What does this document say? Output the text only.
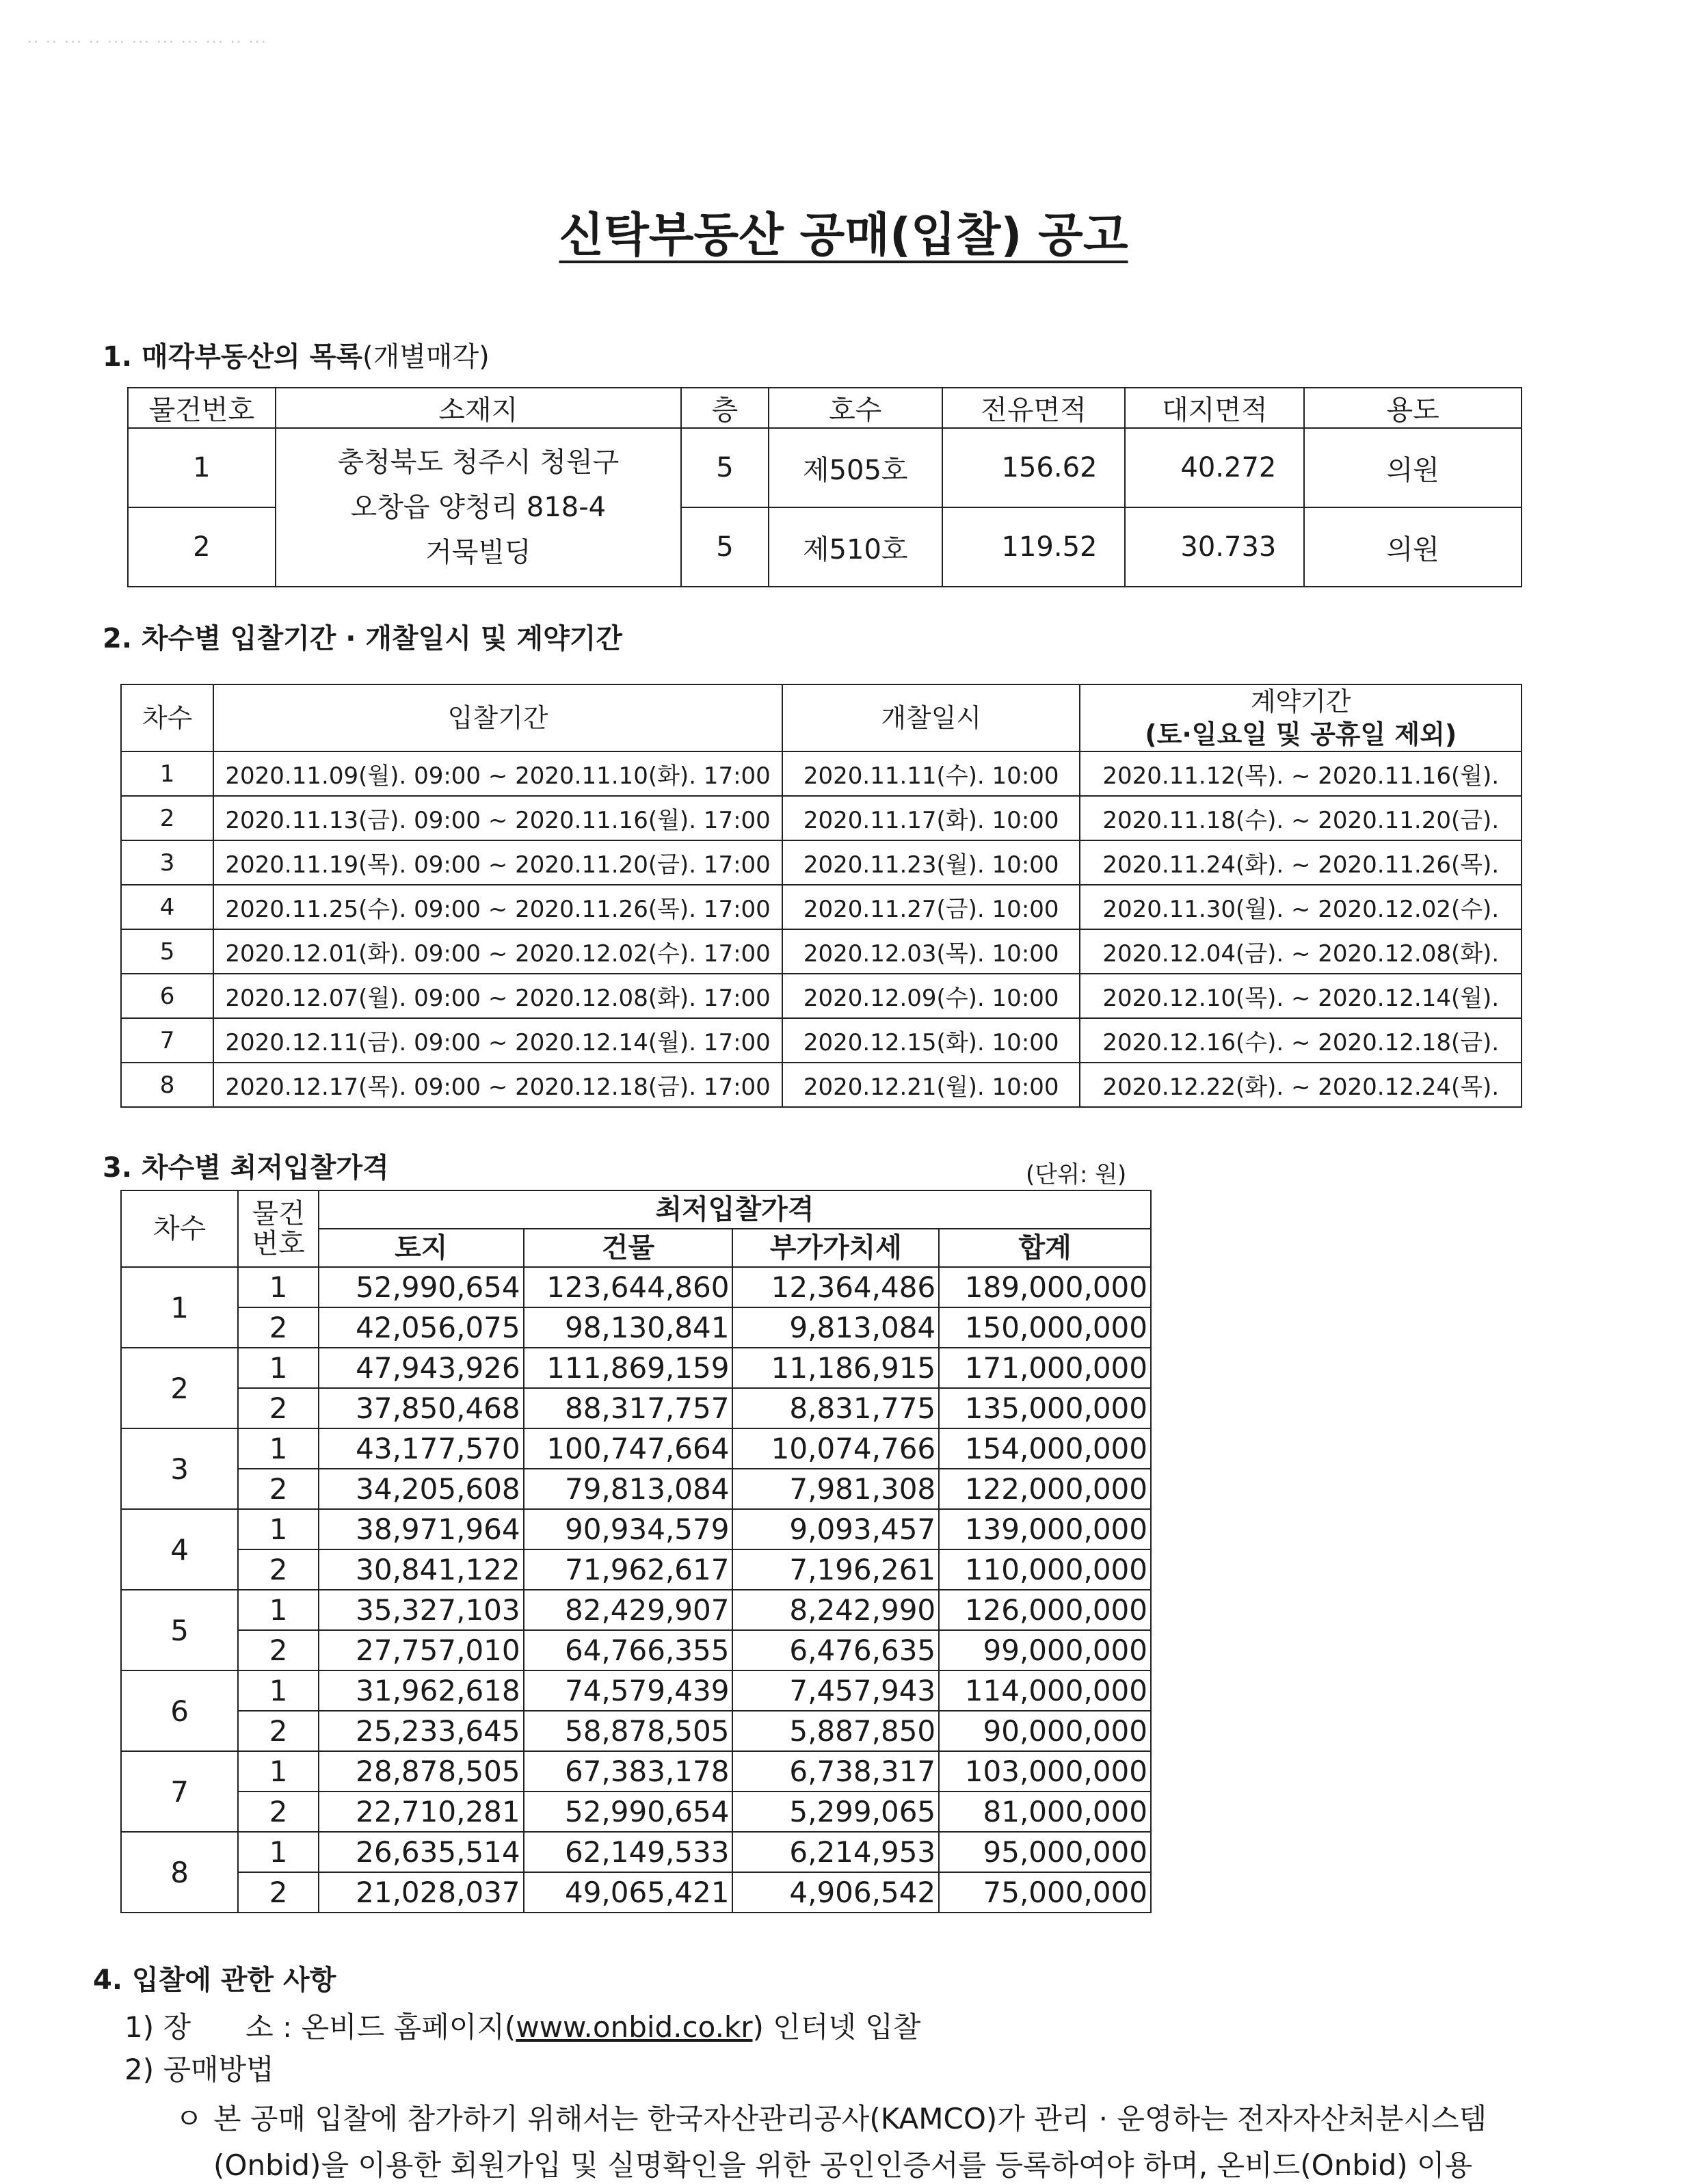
·· ·· ··· ·· ··· ··· ··· ··· ··· ·· ···
신탁부동산 공매(입찰) 공고
1. 매각부동산의 목록(개별매각)
물건번호	소재지	층	호수	전유면적	대지면적	용도
1	충청북도 청주시 청원구
오창읍 양청리 818-4
거묵빌딩	5	제505호	156.62	40.272	의원
2		5	제510호	119.52	30.733	의원
2. 차수별 입찰기간 · 개찰일시 및 계약기간
차수	입찰기간	개찰일시	계약기간
(토·일요일 및 공휴일 제외)

1	2020.11.09(월). 09:00 ~ 2020.11.10(화). 17:00	2020.11.11(수). 10:00	2020.11.12(목). ~ 2020.11.16(월).
2	2020.11.13(금). 09:00 ~ 2020.11.16(월). 17:00	2020.11.17(화). 10:00	2020.11.18(수). ~ 2020.11.20(금).
3	2020.11.19(목). 09:00 ~ 2020.11.20(금). 17:00	2020.11.23(월). 10:00	2020.11.24(화). ~ 2020.11.26(목).
4	2020.11.25(수). 09:00 ~ 2020.11.26(목). 17:00	2020.11.27(금). 10:00	2020.11.30(월). ~ 2020.12.02(수).
5	2020.12.01(화). 09:00 ~ 2020.12.02(수). 17:00	2020.12.03(목). 10:00	2020.12.04(금). ~ 2020.12.08(화).
6	2020.12.07(월). 09:00 ~ 2020.12.08(화). 17:00	2020.12.09(수). 10:00	2020.12.10(목). ~ 2020.12.14(월).
7	2020.12.11(금). 09:00 ~ 2020.12.14(월). 17:00	2020.12.15(화). 10:00	2020.12.16(수). ~ 2020.12.18(금).
8	2020.12.17(목). 09:00 ~ 2020.12.18(금). 17:00	2020.12.21(월). 10:00	2020.12.22(화). ~ 2020.12.24(목).
3. 차수별 최저입찰가격	(단위: 원)
차수	물건
번호	최저입찰가격			
		토지	건물	부가가치세	합계
1	1	52,990,654	123,644,860	12,364,486	189,000,000
	2	42,056,075	98,130,841	9,813,084	150,000,000
2	1	47,943,926	111,869,159	11,186,915	171,000,000
	2	37,850,468	88,317,757	8,831,775	135,000,000
3	1	43,177,570	100,747,664	10,074,766	154,000,000
	2	34,205,608	79,813,084	7,981,308	122,000,000
4	1	38,971,964	90,934,579	9,093,457	139,000,000
	2	30,841,122	71,962,617	7,196,261	110,000,000
5	1	35,327,103	82,429,907	8,242,990	126,000,000
	2	27,757,010	64,766,355	6,476,635	99,000,000
6	1	31,962,618	74,579,439	7,457,943	114,000,000
	2	25,233,645	58,878,505	5,887,850	90,000,000
7	1	28,878,505	67,383,178	6,738,317	103,000,000
	2	22,710,281	52,990,654	5,299,065	81,000,000
8	1	26,635,514	62,149,533	6,214,953	95,000,000
	2	21,028,037	49,065,421	4,906,542	75,000,000
4. 입찰에 관한 사항
1) 장      소 : 온비드 홈페이지(www.onbid.co.kr) 인터넷 입찰
2) 공매방법
ㅇ 본 공매 입찰에 참가하기 위해서는 한국자산관리공사(KAMCO)가 관리 · 운영하는 전자자산처분시스템
(Onbid)을 이용한 회원가입 및 실명확인을 위한 공인인증서를 등록하여야 하며, 온비드(Onbid) 이용
